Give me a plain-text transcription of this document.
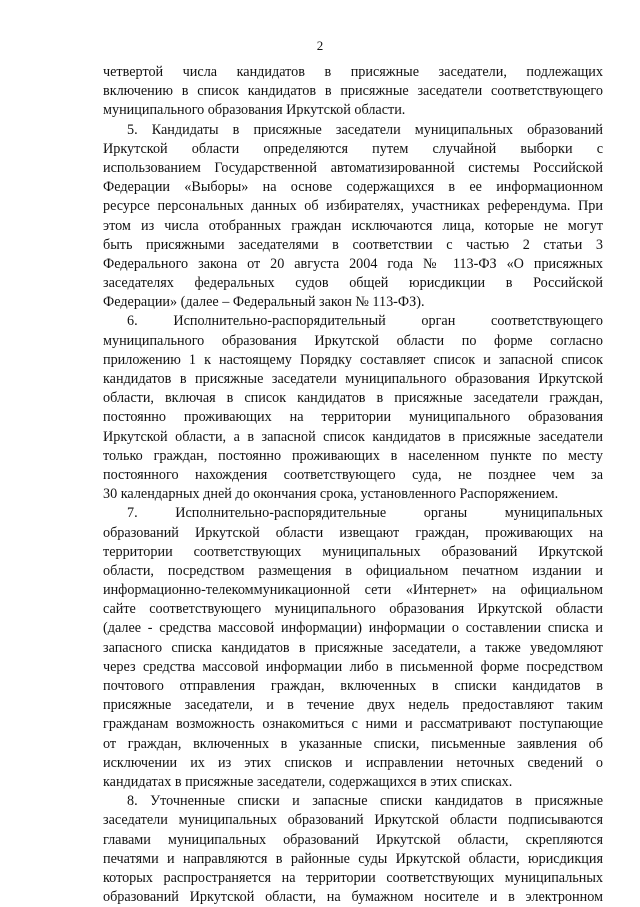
2
четвертой числа кандидатов в присяжные заседатели, подлежащих
включению в список кандидатов в присяжные заседатели соответствующего
муниципального образования Иркутской области.
5. Кандидаты в присяжные заседатели муниципальных образований
Иркутской области определяются путем случайной выборки с
использованием Государственной автоматизированной системы Российской
Федерации «Выборы» на основе содержащихся в ее информационном
ресурсе персональных данных об избирателях, участниках референдума. При
этом из числа отобранных граждан исключаются лица, которые не могут
быть присяжными заседателями в соответствии с частью 2 статьи 3
Федерального закона от 20 августа 2004 года № 113-ФЗ «О присяжных
заседателях федеральных судов общей юрисдикции в Российской
Федерации» (далее – Федеральный закон № 113-ФЗ).
6. Исполнительно-распорядительный орган соответствующего
муниципального образования Иркутской области по форме согласно
приложению 1 к настоящему Порядку составляет список и запасной список
кандидатов в присяжные заседатели муниципального образования Иркутской
области, включая в список кандидатов в присяжные заседатели граждан,
постоянно проживающих на территории муниципального образования
Иркутской области, а в запасной список кандидатов в присяжные заседатели
только граждан, постоянно проживающих в населенном пункте по месту
постоянного нахождения соответствующего суда, не позднее чем за
30 календарных дней до окончания срока, установленного Распоряжением.
7. Исполнительно-распорядительные органы муниципальных
образований Иркутской области извещают граждан, проживающих на
территории соответствующих муниципальных образований Иркутской
области, посредством размещения в официальном печатном издании и
информационно-телекоммуникационной сети «Интернет» на официальном
сайте соответствующего муниципального образования Иркутской области
(далее - средства массовой информации) информации о составлении списка и
запасного списка кандидатов в присяжные заседатели, а также уведомляют
через средства массовой информации либо в письменной форме посредством
почтового отправления граждан, включенных в списки кандидатов в
присяжные заседатели, и в течение двух недель предоставляют таким
гражданам возможность ознакомиться с ними и рассматривают поступающие
от граждан, включенных в указанные списки, письменные заявления об
исключении их из этих списков и исправлении неточных сведений о
кандидатах в присяжные заседатели, содержащихся в этих списках.
8. Уточненные списки и запасные списки кандидатов в присяжные
заседатели муниципальных образований Иркутской области подписываются
главами муниципальных образований Иркутской области, скрепляются
печатями и направляются в районные суды Иркутской области, юрисдикция
которых распространяется на территории соответствующих муниципальных
образований Иркутской области, на бумажном носителе и в электронном
